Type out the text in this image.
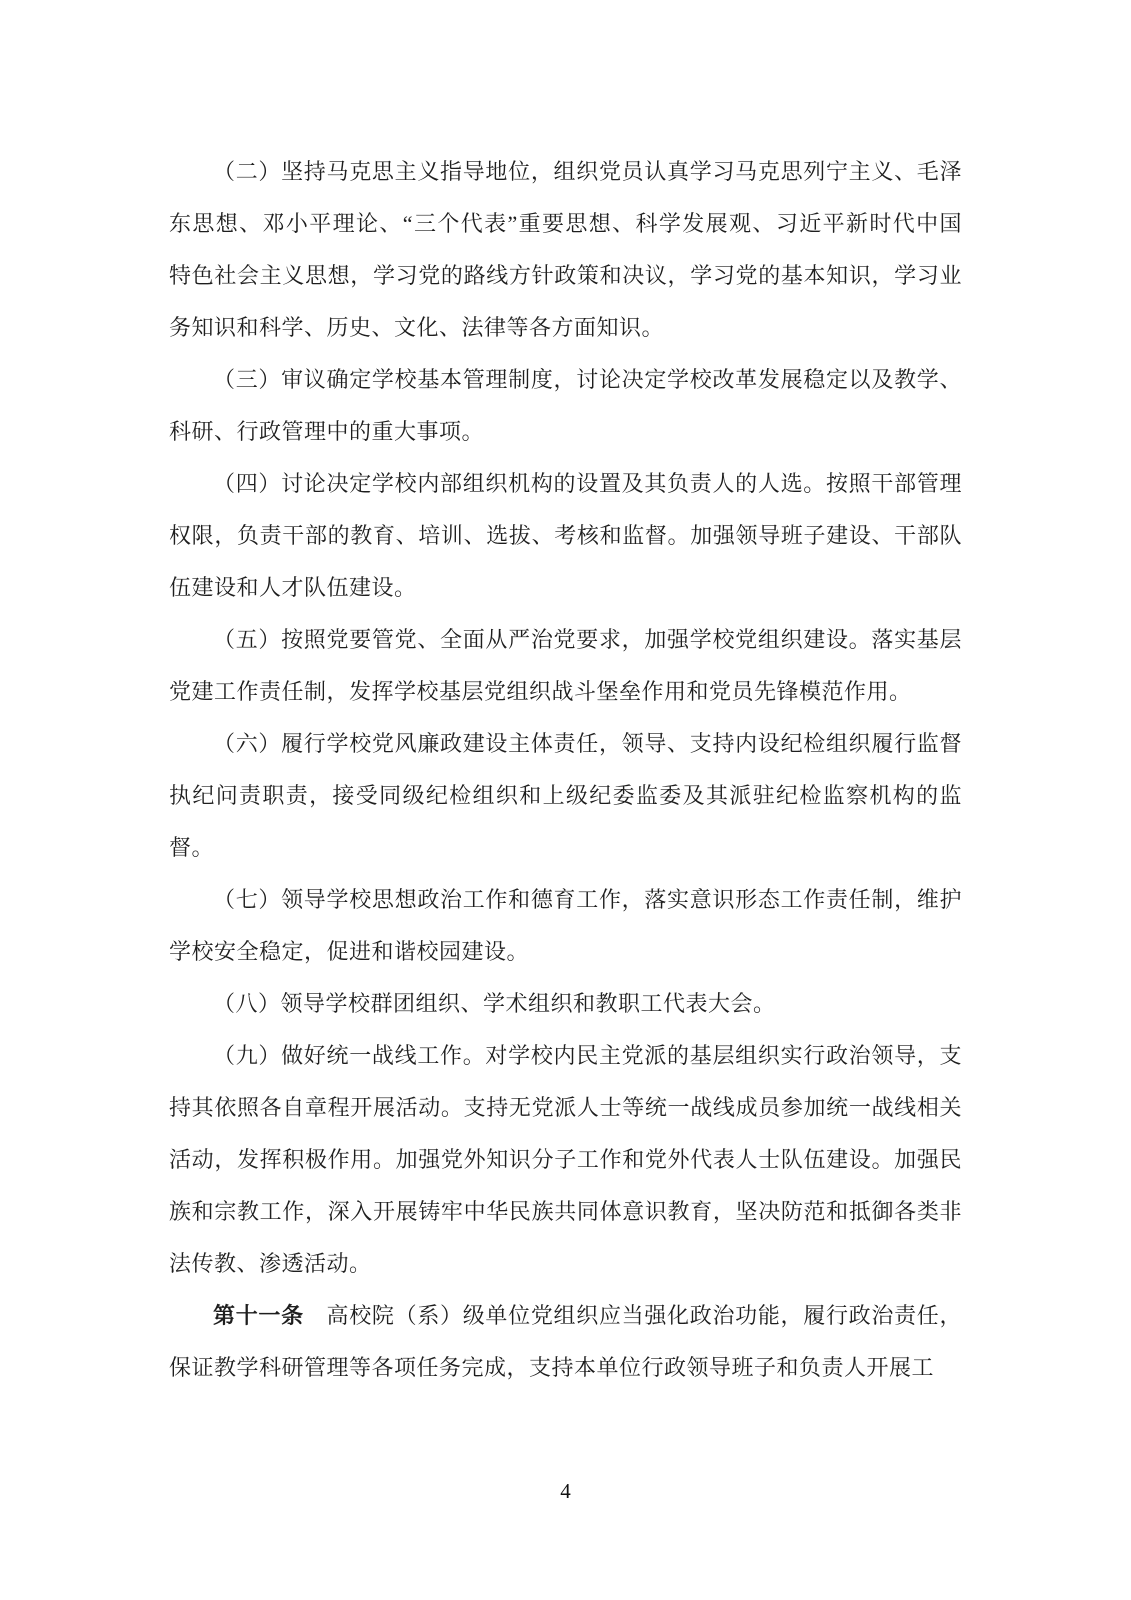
（二）坚持马克思主义指导地位，组织党员认真学习马克思列宁主义、毛泽
东思想、邓小平理论、“三个代表”重要思想、科学发展观、习近平新时代中国
特色社会主义思想，学习党的路线方针政策和决议，学习党的基本知识，学习业
务知识和科学、历史、文化、法律等各方面知识。
（三）审议确定学校基本管理制度，讨论决定学校改革发展稳定以及教学、
科研、行政管理中的重大事项。
（四）讨论决定学校内部组织机构的设置及其负责人的人选。按照干部管理
权限，负责干部的教育、培训、选拔、考核和监督。加强领导班子建设、干部队
伍建设和人才队伍建设。
（五）按照党要管党、全面从严治党要求，加强学校党组织建设。落实基层
党建工作责任制，发挥学校基层党组织战斗堡垒作用和党员先锋模范作用。
（六）履行学校党风廉政建设主体责任，领导、支持内设纪检组织履行监督
执纪问责职责，接受同级纪检组织和上级纪委监委及其派驻纪检监察机构的监
督。
（七）领导学校思想政治工作和德育工作，落实意识形态工作责任制，维护
学校安全稳定，促进和谐校园建设。
（八）领导学校群团组织、学术组织和教职工代表大会。
（九）做好统一战线工作。对学校内民主党派的基层组织实行政治领导，支
持其依照各自章程开展活动。支持无党派人士等统一战线成员参加统一战线相关
活动，发挥积极作用。加强党外知识分子工作和党外代表人士队伍建设。加强民
族和宗教工作，深入开展铸牢中华民族共同体意识教育，坚决防范和抵御各类非
法传教、渗透活动。
第十一条　高校院（系）级单位党组织应当强化政治功能，履行政治责任，
保证教学科研管理等各项任务完成，支持本单位行政领导班子和负责人开展工
4
